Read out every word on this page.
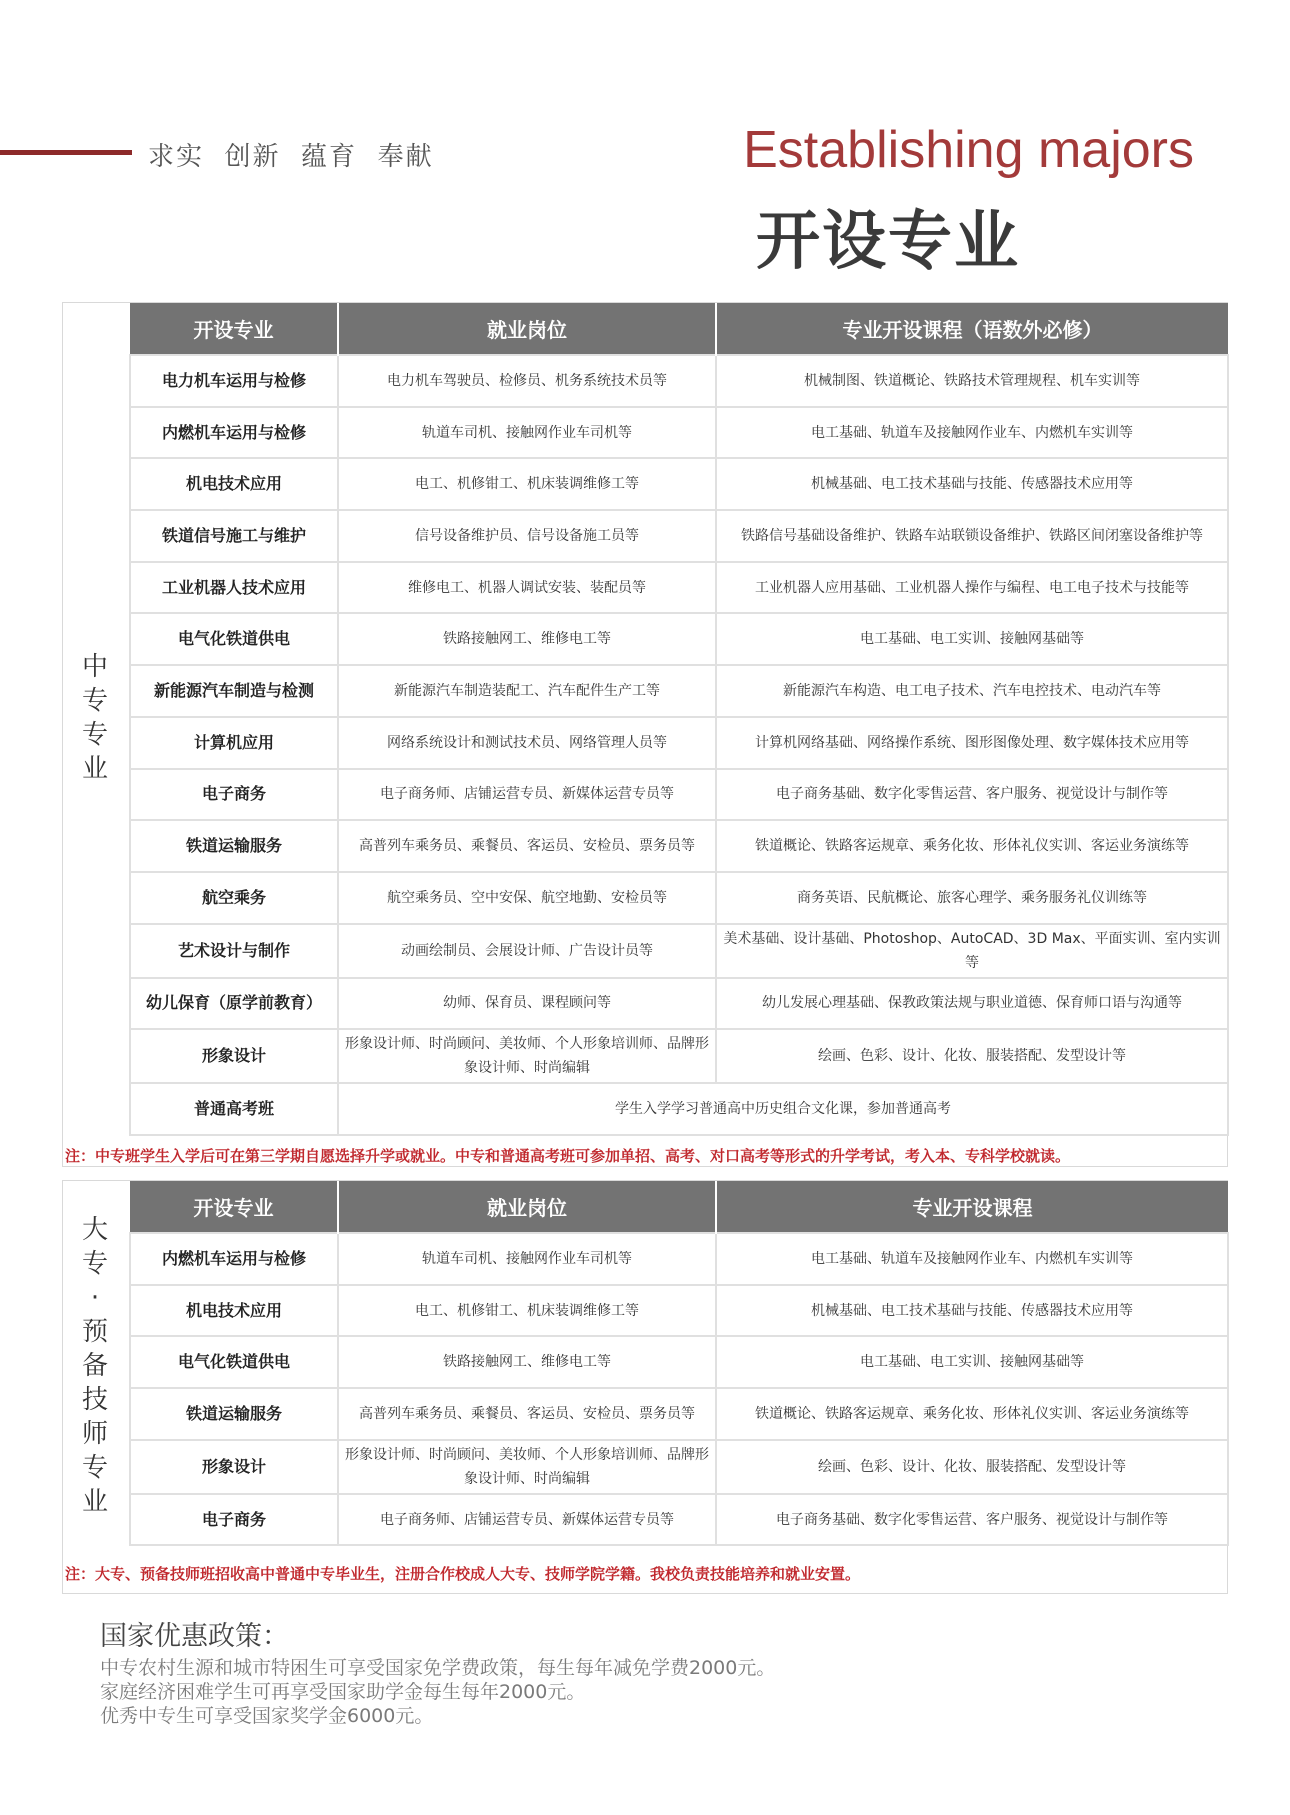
求实  创新  蕴育  奉献	Establishing majors
开设专业
中
专
专
业
开设专业	就业岗位	专业开设课程（语数外必修）
电力机车运用与检修	电力机车驾驶员、检修员、机务系统技术员等	机械制图、铁道概论、铁路技术管理规程、机车实训等
内燃机车运用与检修	轨道车司机、接触网作业车司机等	电工基础、轨道车及接触网作业车、内燃机车实训等
机电技术应用	电工、机修钳工、机床装调维修工等	机械基础、电工技术基础与技能、传感器技术应用等
铁道信号施工与维护	信号设备维护员、信号设备施工员等	铁路信号基础设备维护、铁路车站联锁设备维护、铁路区间闭塞设备维护等
工业机器人技术应用	维修电工、机器人调试安装、装配员等	工业机器人应用基础、工业机器人操作与编程、电工电子技术与技能等
电气化铁道供电	铁路接触网工、维修电工等	电工基础、电工实训、接触网基础等
新能源汽车制造与检测	新能源汽车制造装配工、汽车配件生产工等	新能源汽车构造、电工电子技术、汽车电控技术、电动汽车等
计算机应用	网络系统设计和测试技术员、网络管理人员等	计算机网络基础、网络操作系统、图形图像处理、数字媒体技术应用等
电子商务	电子商务师、店铺运营专员、新媒体运营专员等	电子商务基础、数字化零售运营、客户服务、视觉设计与制作等
铁道运输服务	高普列车乘务员、乘餐员、客运员、安检员、票务员等	铁道概论、铁路客运规章、乘务化妆、形体礼仪实训、客运业务演练等
航空乘务	航空乘务员、空中安保、航空地勤、安检员等	商务英语、民航概论、旅客心理学、乘务服务礼仪训练等
艺术设计与制作	动画绘制员、会展设计师、广告设计员等	美术基础、设计基础、Photoshop、AutoCAD、3D Max、平面实训、室内实训等
幼儿保育（原学前教育）	幼师、保育员、课程顾问等	幼儿发展心理基础、保教政策法规与职业道德、保育师口语与沟通等
形象设计	形象设计师、时尚顾问、美妆师、个人形象培训师、品牌形象设计师、时尚编辑	绘画、色彩、设计、化妆、服装搭配、发型设计等
普通高考班	学生入学学习普通高中历史组合文化课，参加普通高考	
注：中专班学生入学后可在第三学期自愿选择升学或就业。中专和普通高考班可参加单招、高考、对口高考等形式的升学考试，考入本、专科学校就读。
大
专
·
预
备
技
师
专
业
开设专业	就业岗位	专业开设课程
内燃机车运用与检修	轨道车司机、接触网作业车司机等	电工基础、轨道车及接触网作业车、内燃机车实训等
机电技术应用	电工、机修钳工、机床装调维修工等	机械基础、电工技术基础与技能、传感器技术应用等
电气化铁道供电	铁路接触网工、维修电工等	电工基础、电工实训、接触网基础等
铁道运输服务	高普列车乘务员、乘餐员、客运员、安检员、票务员等	铁道概论、铁路客运规章、乘务化妆、形体礼仪实训、客运业务演练等
形象设计	形象设计师、时尚顾问、美妆师、个人形象培训师、品牌形象设计师、时尚编辑	绘画、色彩、设计、化妆、服装搭配、发型设计等
电子商务	电子商务师、店铺运营专员、新媒体运营专员等	电子商务基础、数字化零售运营、客户服务、视觉设计与制作等
注：大专、预备技师班招收高中普通中专毕业生，注册合作校成人大专、技师学院学籍。我校负责技能培养和就业安置。
国家优惠政策：
中专农村生源和城市特困生可享受国家免学费政策，每生每年减免学费2000元。
家庭经济困难学生可再享受国家助学金每生每年2000元。
优秀中专生可享受国家奖学金6000元。
